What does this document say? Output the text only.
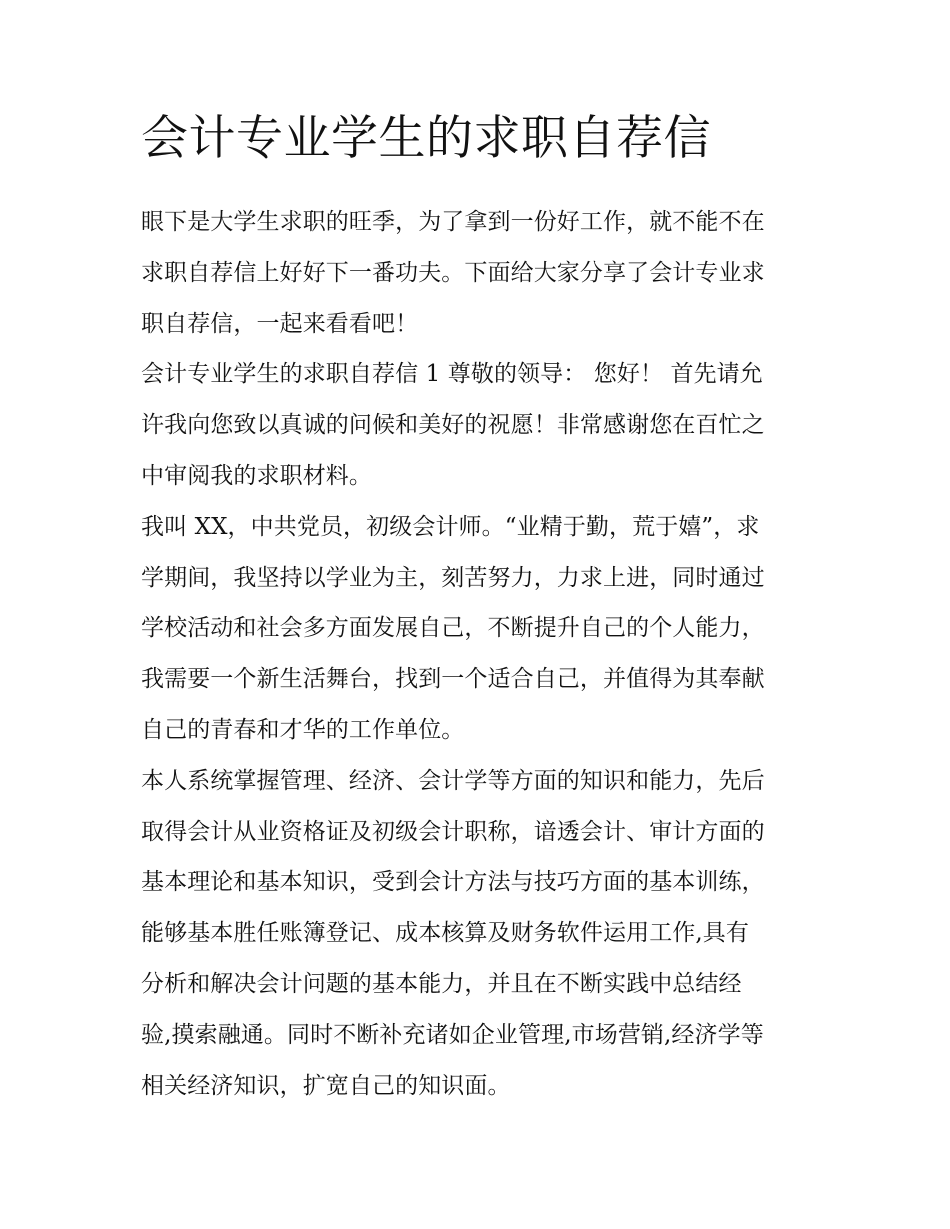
会计专业学生的求职自荐信
眼下是大学生求职的旺季，为了拿到一份好工作，就不能不在
求职自荐信上好好下一番功夫。下面给大家分享了会计专业求
职自荐信，一起来看看吧！
会计专业学生的求职自荐信 1 尊敬的领导： 您好！ 首先请允
许我向您致以真诚的问候和美好的祝愿！非常感谢您在百忙之
中审阅我的求职材料。
我叫 XX，中共党员，初级会计师。“业精于勤，荒于嬉”，求
学期间，我坚持以学业为主，刻苦努力，力求上进，同时通过
学校活动和社会多方面发展自己，不断提升自己的个人能力，
我需要一个新生活舞台，找到一个适合自己，并值得为其奉献
自己的青春和才华的工作单位。
本人系统掌握管理、经济、会计学等方面的知识和能力，先后
取得会计从业资格证及初级会计职称，谙透会计、审计方面的
基本理论和基本知识，受到会计方法与技巧方面的基本训练，
能够基本胜任账簿登记、成本核算及财务软件运用工作,具有
分析和解决会计问题的基本能力，并且在不断实践中总结经
验,摸索融通。同时不断补充诸如企业管理,市场营销,经济学等
相关经济知识，扩宽自己的知识面。
